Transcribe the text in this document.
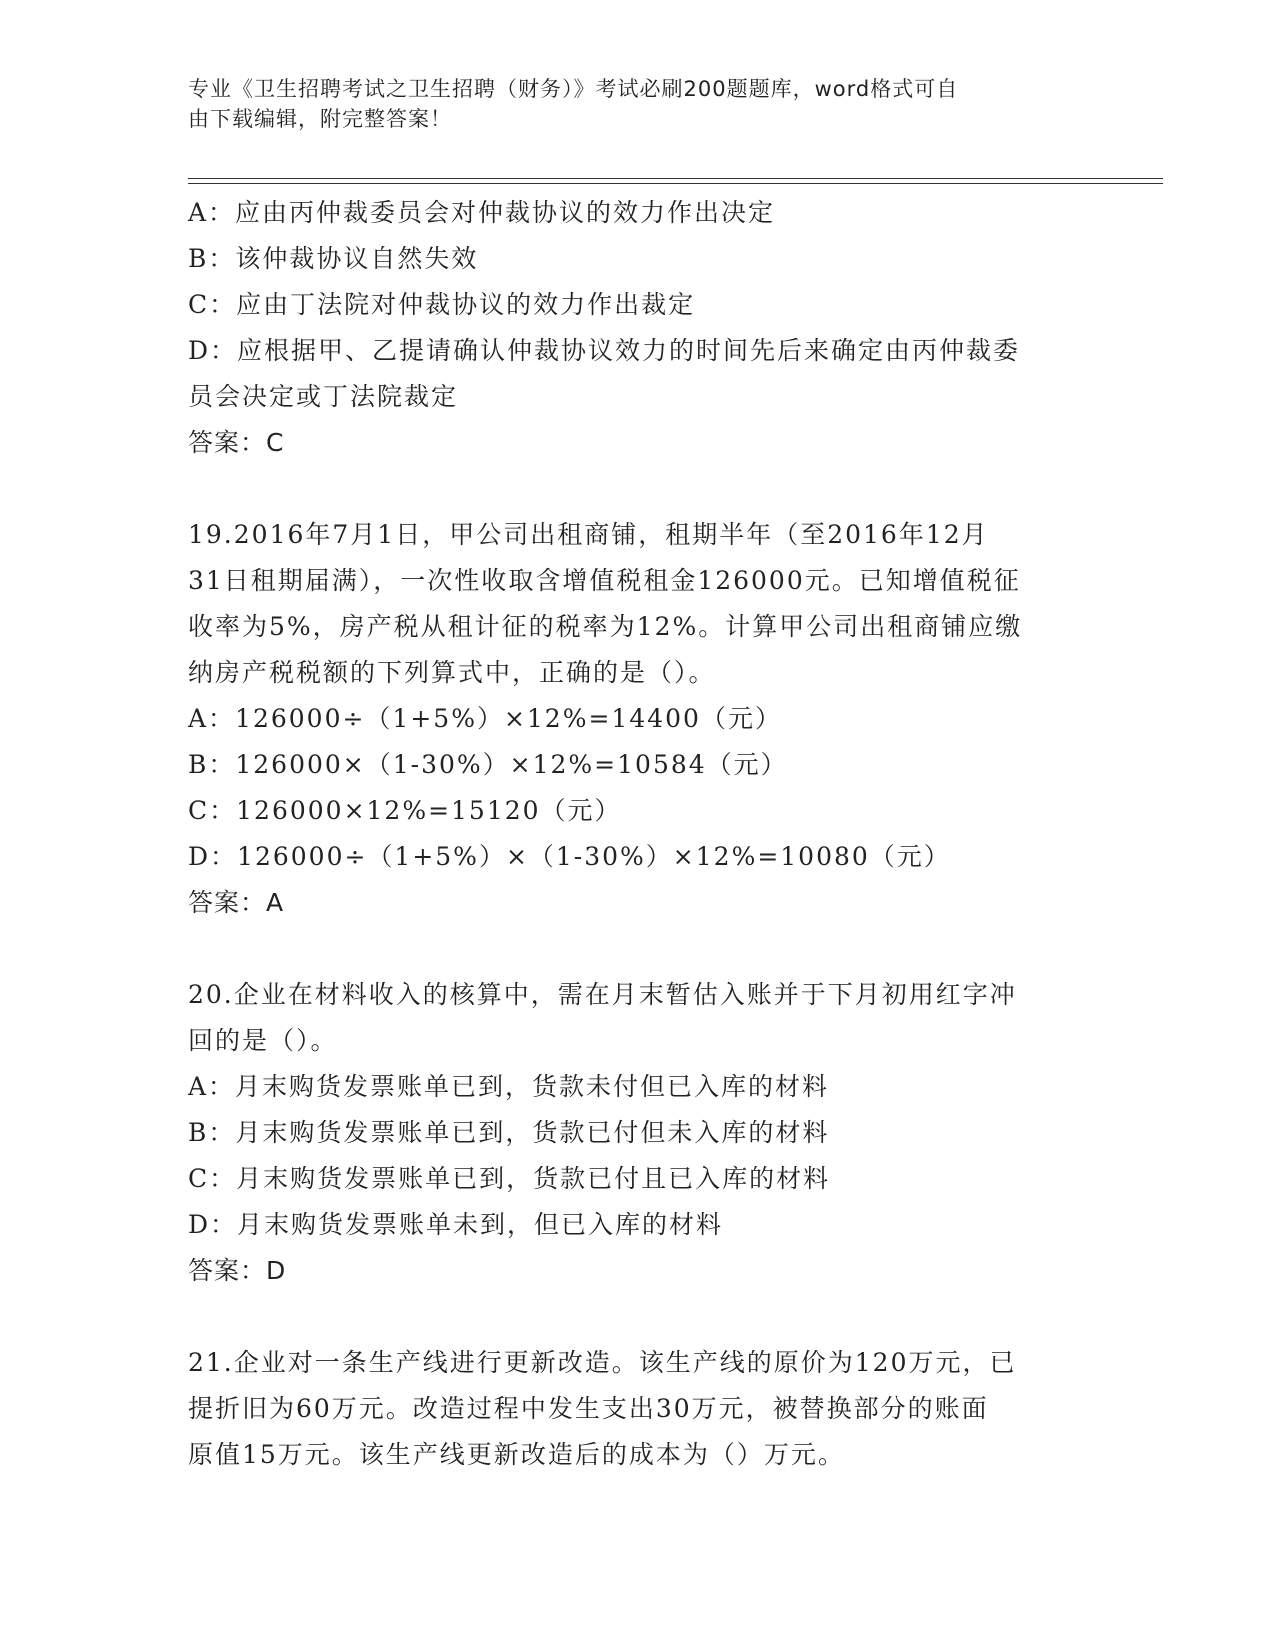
专业《卫生招聘考试之卫生招聘（财务）》考试必刷200题题库，word格式可自
由下载编辑，附完整答案！
A：应由丙仲裁委员会对仲裁协议的效力作出决定
B：该仲裁协议自然失效
C：应由丁法院对仲裁协议的效力作出裁定
D：应根据甲、乙提请确认仲裁协议效力的时间先后来确定由丙仲裁委
员会决定或丁法院裁定
答案：C
19.2016年7月1日，甲公司出租商铺，租期半年（至2016年12月
31日租期届满），一次性收取含增值税租金126000元。已知增值税征
收率为5%，房产税从租计征的税率为12%。计算甲公司出租商铺应缴
纳房产税税额的下列算式中，正确的是（）。
A：126000÷（1+5%）×12%=14400（元）
B：126000×（1-30%）×12%=10584（元）
C：126000×12%=15120（元）
D：126000÷（1+5%）×（1-30%）×12%=10080（元）
答案：A
20.企业在材料收入的核算中，需在月末暂估入账并于下月初用红字冲
回的是（）。
A：月末购货发票账单已到，货款未付但已入库的材料
B：月末购货发票账单已到，货款已付但未入库的材料
C：月末购货发票账单已到，货款已付且已入库的材料
D：月末购货发票账单未到，但已入库的材料
答案：D
21.企业对一条生产线进行更新改造。该生产线的原价为120万元，已
提折旧为60万元。改造过程中发生支出30万元，被替换部分的账面
原值15万元。该生产线更新改造后的成本为（）万元。
